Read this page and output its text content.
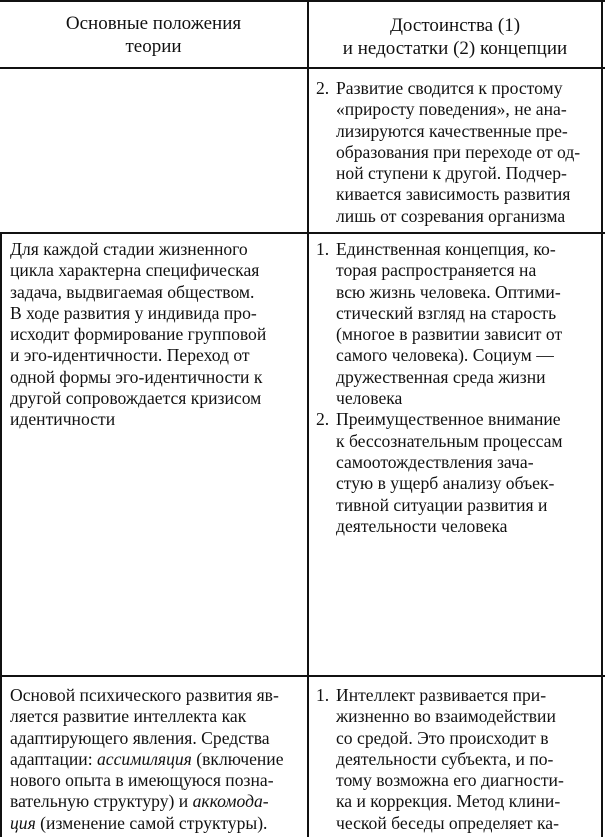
Основные положения
теории
Достоинства (1)
и недостатки (2) концепции
2. Развитие сводится к простому
«приросту поведения», не ана-
лизируются качественные пре-
образования при переходе от од-
ной ступени к другой. Подчер-
кивается зависимость развития
лишь от созревания организма
Для каждой стадии жизненного
цикла характерна специфическая
задача, выдвигаемая обществом.
В ходе развития у индивида про-
исходит формирование групповой
и эго-идентичности. Переход от
одной формы эго-идентичности к
другой сопровождается кризисом
идентичности
1. Единственная концепция, ко-
торая распространяется на
всю жизнь человека. Оптими-
стический взгляд на старость
(многое в развитии зависит от
самого человека). Социум —
дружественная среда жизни
человека
2. Преимущественное внимание
к бессознательным процессам
самоотождествления зача-
стую в ущерб анализу объек-
тивной ситуации развития и
деятельности человека
Основой психического развития яв-
ляется развитие интеллекта как
адаптирующего явления. Средства
адаптации: ассимиляция (включение
нового опыта в имеющуюся позна-
вательную структуру) и аккомода-
ция (изменение самой структуры).
1. Интеллект развивается при-
жизненно во взаимодействии
со средой. Это происходит в
деятельности субъекта, и по-
тому возможна его диагности-
ка и коррекция. Метод клини-
ческой беседы определяет ка-
